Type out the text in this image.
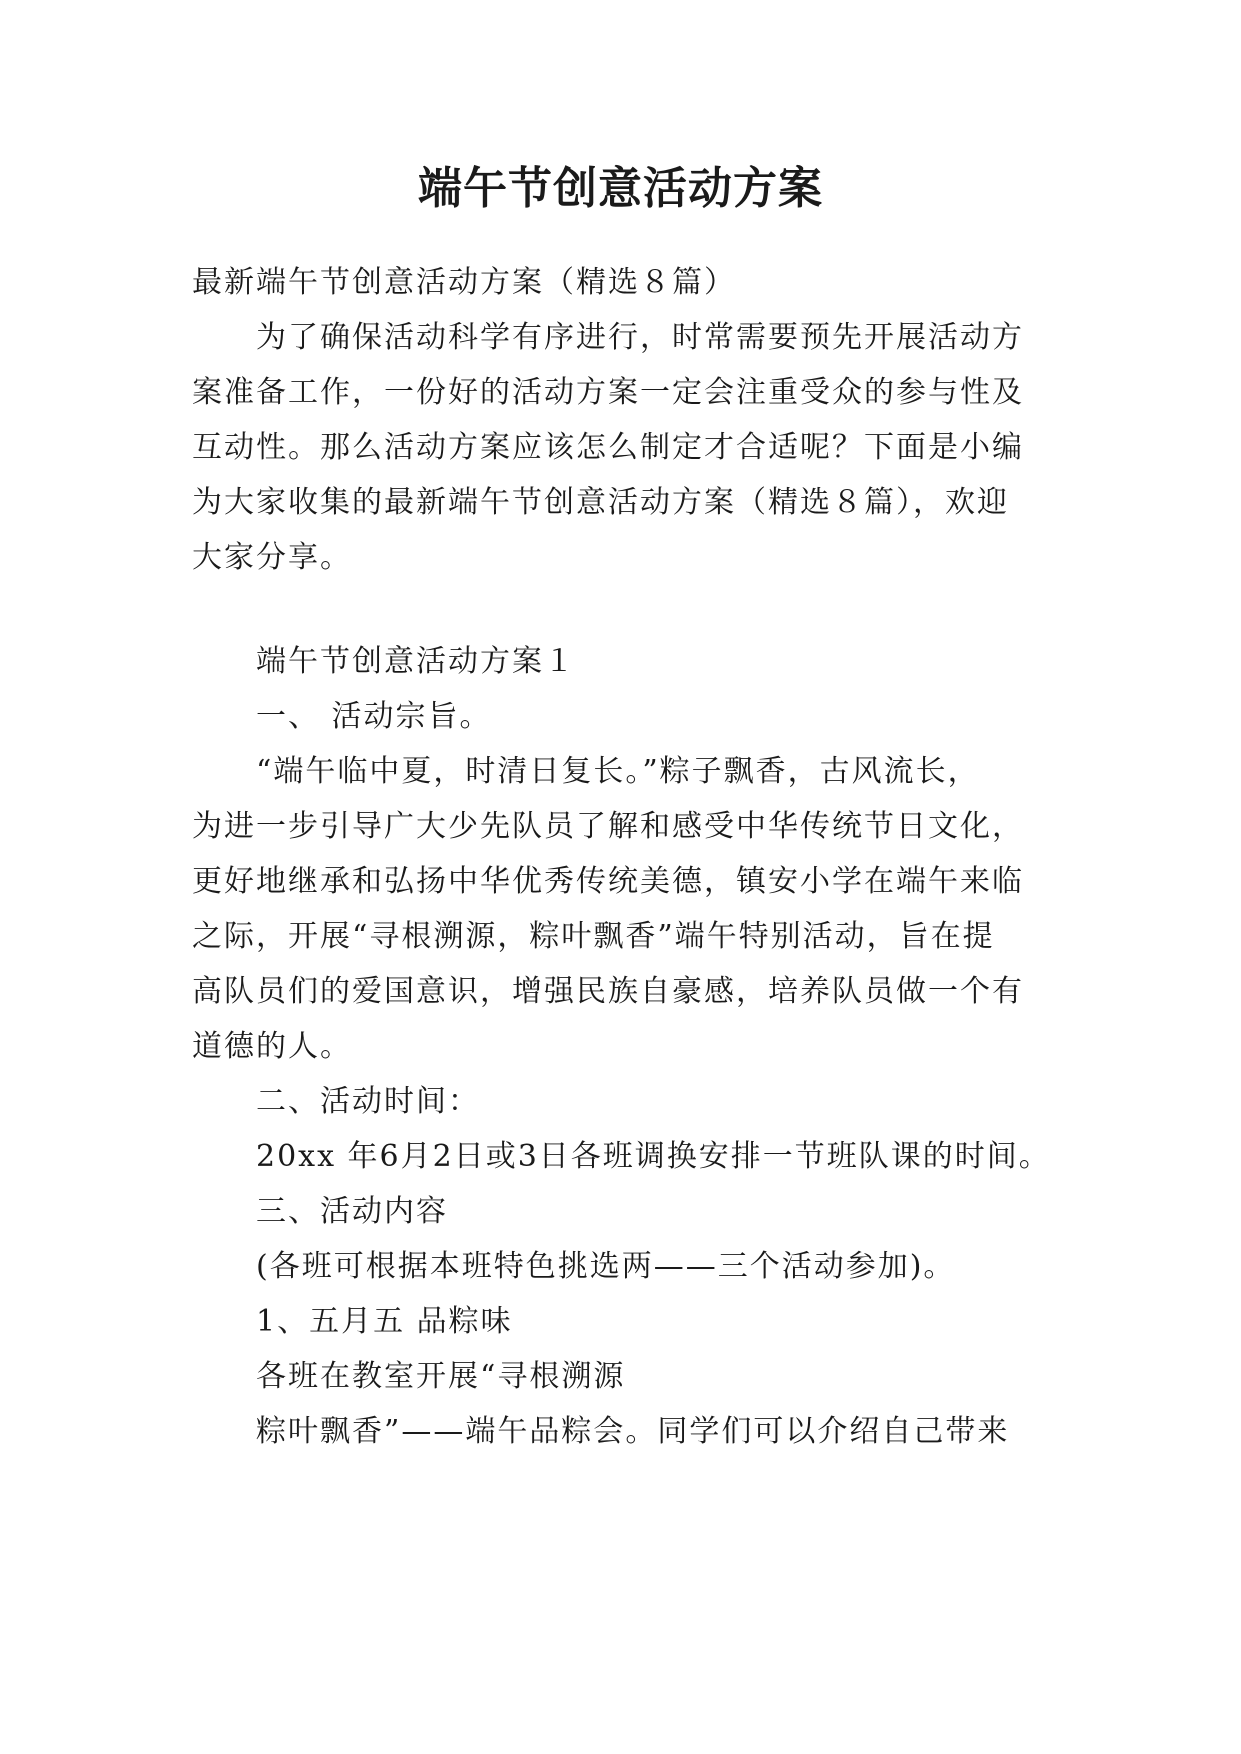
端午节创意活动方案
最新端午节创意活动方案（精选８篇）
为了确保活动科学有序进行，时常需要预先开展活动方
案准备工作，一份好的活动方案一定会注重受众的参与性及
互动性。那么活动方案应该怎么制定才合适呢？下面是小编
为大家收集的最新端午节创意活动方案（精选８篇），欢迎
大家分享。
端午节创意活动方案１
一、 活动宗旨。
“端午临中夏，时清日复长。”粽子飘香，古风流长，
为进一步引导广大少先队员了解和感受中华传统节日文化，
更好地继承和弘扬中华优秀传统美德，镇安小学在端午来临
之际，开展“寻根溯源，粽叶飘香”端午特别活动，旨在提
高队员们的爱国意识，增强民族自豪感，培养队员做一个有
道德的人。
二、活动时间：
20xx 年6月2日或3日各班调换安排一节班队课的时间。
三、活动内容
(各班可根据本班特色挑选两——三个活动参加)。
1、五月五 品粽味
各班在教室开展“寻根溯源
粽叶飘香”——端午品粽会。同学们可以介绍自己带来
